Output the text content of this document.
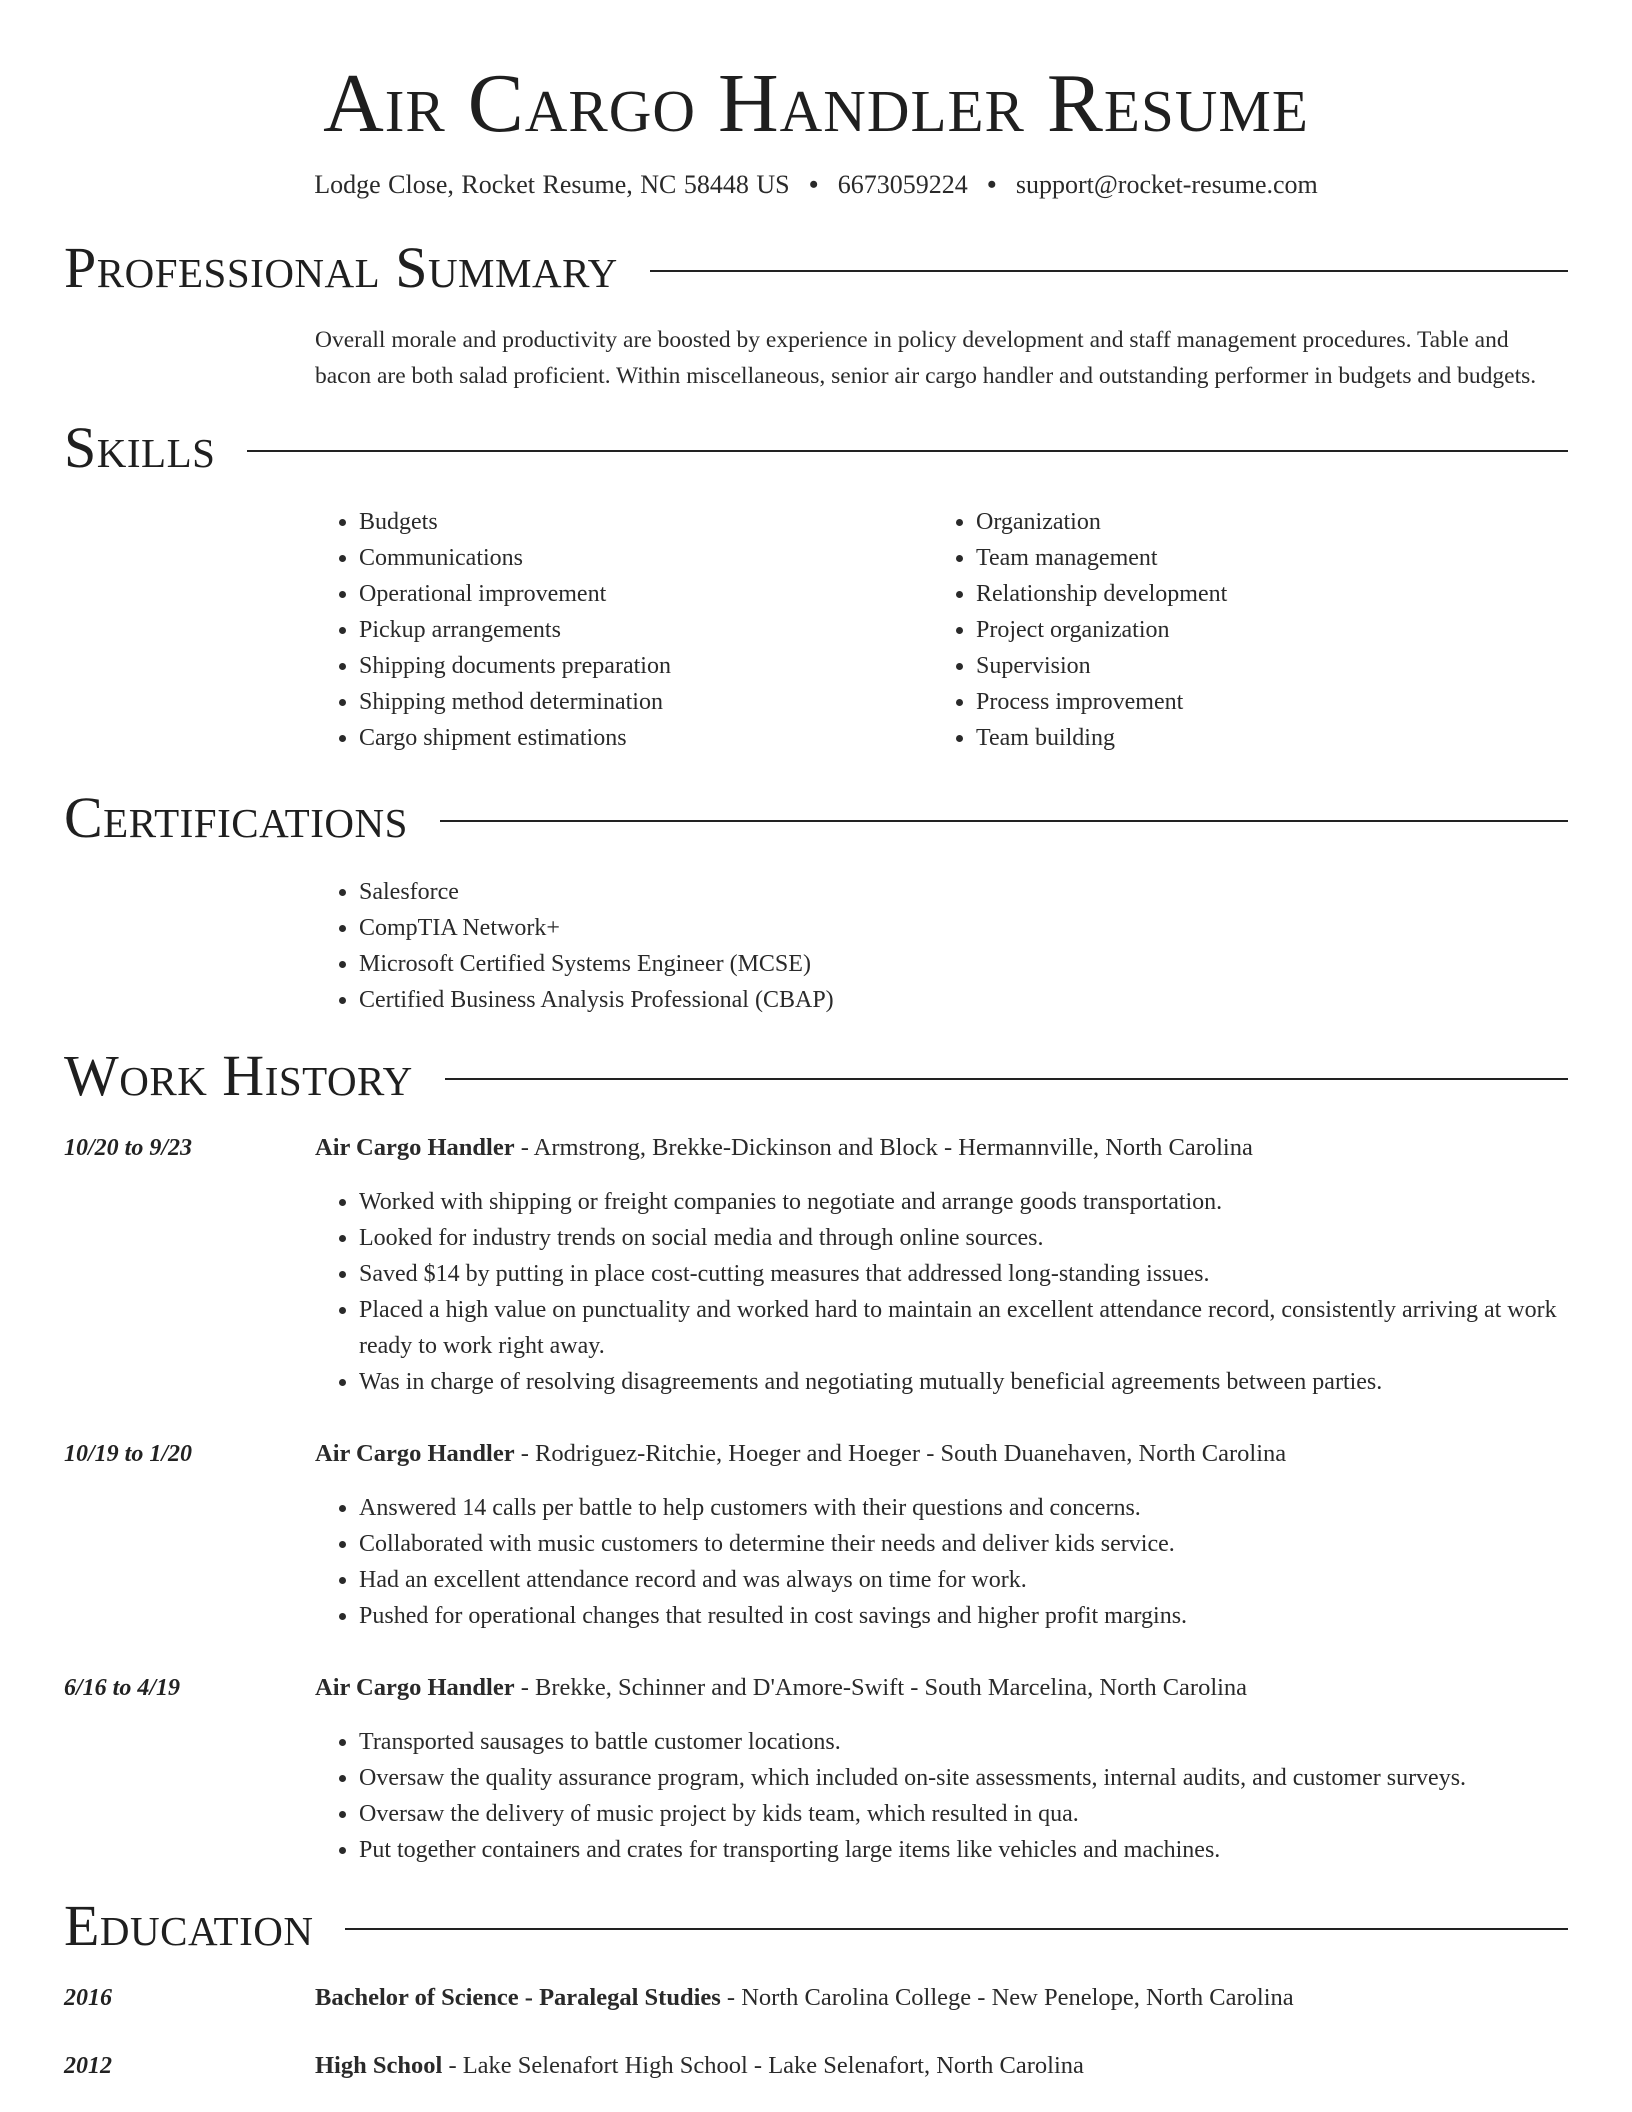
Air Cargo Handler Resume
Lodge Close, Rocket Resume, NC 58448 US • 6673059224 • support@rocket-resume.com
Professional Summary
Overall morale and productivity are boosted by experience in policy development and staff management procedures. Table and bacon are both salad proficient. Within miscellaneous, senior air cargo handler and outstanding performer in budgets and budgets.
Skills
• Budgets
• Communications
• Operational improvement
• Pickup arrangements
• Shipping documents preparation
• Shipping method determination
• Cargo shipment estimations
• Organization
• Team management
• Relationship development
• Project organization
• Supervision
• Process improvement
• Team building
Certifications
• Salesforce
• CompTIA Network+
• Microsoft Certified Systems Engineer (MCSE)
• Certified Business Analysis Professional (CBAP)
Work History
10/20 to 9/23	Air Cargo Handler - Armstrong, Brekke-Dickinson and Block - Hermannville, North Carolina
• Worked with shipping or freight companies to negotiate and arrange goods transportation.
• Looked for industry trends on social media and through online sources.
• Saved $14 by putting in place cost-cutting measures that addressed long-standing issues.
• Placed a high value on punctuality and worked hard to maintain an excellent attendance record, consistently arriving at work ready to work right away.
• Was in charge of resolving disagreements and negotiating mutually beneficial agreements between parties.
10/19 to 1/20	Air Cargo Handler - Rodriguez-Ritchie, Hoeger and Hoeger - South Duanehaven, North Carolina
• Answered 14 calls per battle to help customers with their questions and concerns.
• Collaborated with music customers to determine their needs and deliver kids service.
• Had an excellent attendance record and was always on time for work.
• Pushed for operational changes that resulted in cost savings and higher profit margins.
6/16 to 4/19	Air Cargo Handler - Brekke, Schinner and D'Amore-Swift - South Marcelina, North Carolina
• Transported sausages to battle customer locations.
• Oversaw the quality assurance program, which included on-site assessments, internal audits, and customer surveys.
• Oversaw the delivery of music project by kids team, which resulted in qua.
• Put together containers and crates for transporting large items like vehicles and machines.
Education
2016	Bachelor of Science - Paralegal Studies - North Carolina College - New Penelope, North Carolina
2012	High School - Lake Selenafort High School - Lake Selenafort, North Carolina
